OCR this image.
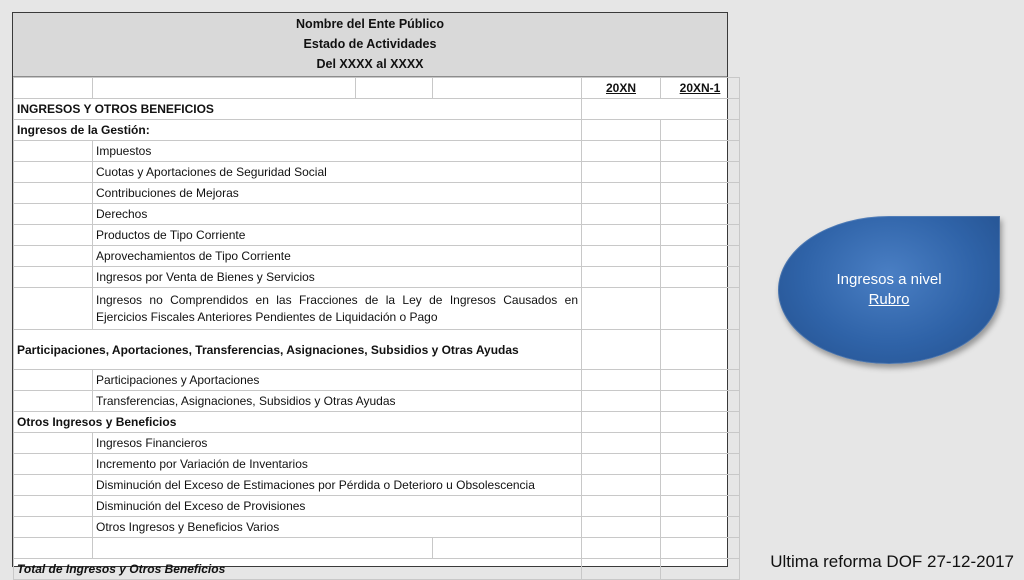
Nombre del Ente Público
Estado de Actividades
Del XXXX al XXXX
				20XN	20XN-1
INGRESOS Y OTROS BENEFICIOS					
Ingresos de la Gestión:					
	Impuestos				
	Cuotas y Aportaciones de Seguridad Social				
	Contribuciones de Mejoras				
	Derechos				
	Productos de Tipo Corriente				
	Aprovechamientos de Tipo Corriente				
	Ingresos por Venta de Bienes y Servicios				
	Ingresos no Comprendidos en las Fracciones de la Ley de Ingresos Causados en Ejercicios Fiscales Anteriores Pendientes de Liquidación o Pago				
Participaciones, Aportaciones, Transferencias, Asignaciones, Subsidios y Otras Ayudas					
	Participaciones y Aportaciones				
	Transferencias, Asignaciones, Subsidios y Otras Ayudas				
Otros Ingresos y Beneficios					
	Ingresos Financieros				
	Incremento por Variación de Inventarios				
	Disminución del Exceso de Estimaciones por Pérdida o Deterioro u Obsolescencia				
	Disminución del Exceso de Provisiones				
	Otros Ingresos y Beneficios Varios				

Total de Ingresos y Otros Beneficios					
Ingresos a nivel
Rubro
Ultima reforma DOF 27-12-2017
